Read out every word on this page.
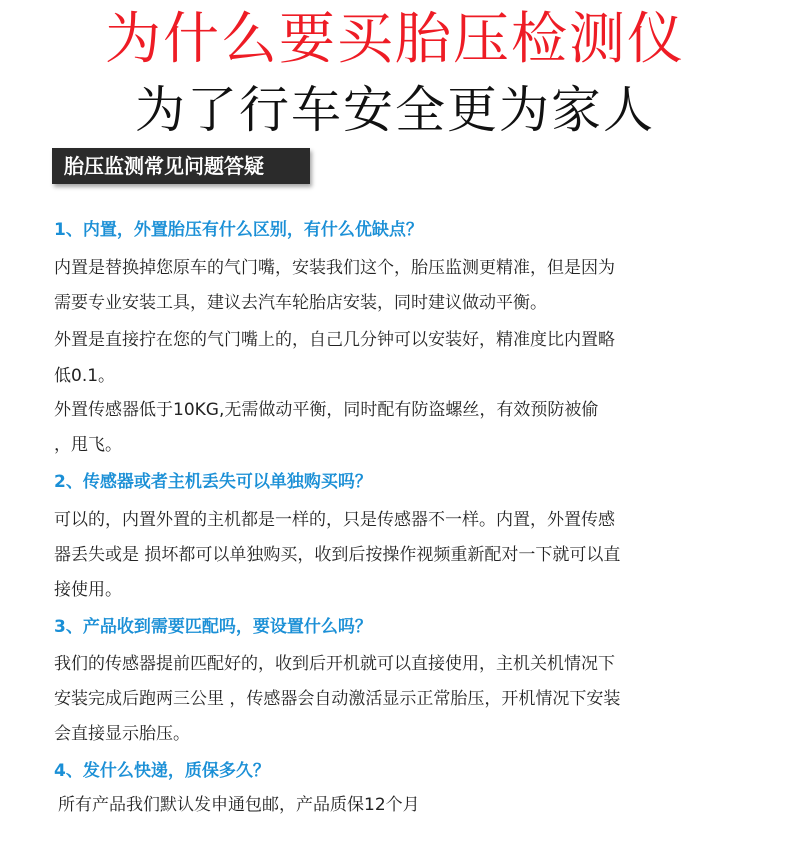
为什么要买胎压检测仪
为了行车安全更为家人
胎压监测常见问题答疑
1、内置，外置胎压有什么区别，有什么优缺点？
内置是替换掉您原车的气门嘴，安装我们这个，胎压监测更精准，但是因为
需要专业安装工具，建议去汽车轮胎店安装，同时建议做动平衡。
外置是直接拧在您的气门嘴上的，自己几分钟可以安装好，精准度比内置略
低0.1。
外置传感器低于10KG,无需做动平衡，同时配有防盗螺丝，有效预防被偷
，甩飞。
2、传感器或者主机丢失可以单独购买吗？
可以的，内置外置的主机都是一样的，只是传感器不一样。内置，外置传感
器丢失或是 损坏都可以单独购买，收到后按操作视频重新配对一下就可以直
接使用。
3、产品收到需要匹配吗，要设置什么吗？
我们的传感器提前匹配好的，收到后开机就可以直接使用，主机关机情况下
安装完成后跑两三公里 ，传感器会自动激活显示正常胎压，开机情况下安装
会直接显示胎压。
4、发什么快递，质保多久？
所有产品我们默认发申通包邮，产品质保12个月
